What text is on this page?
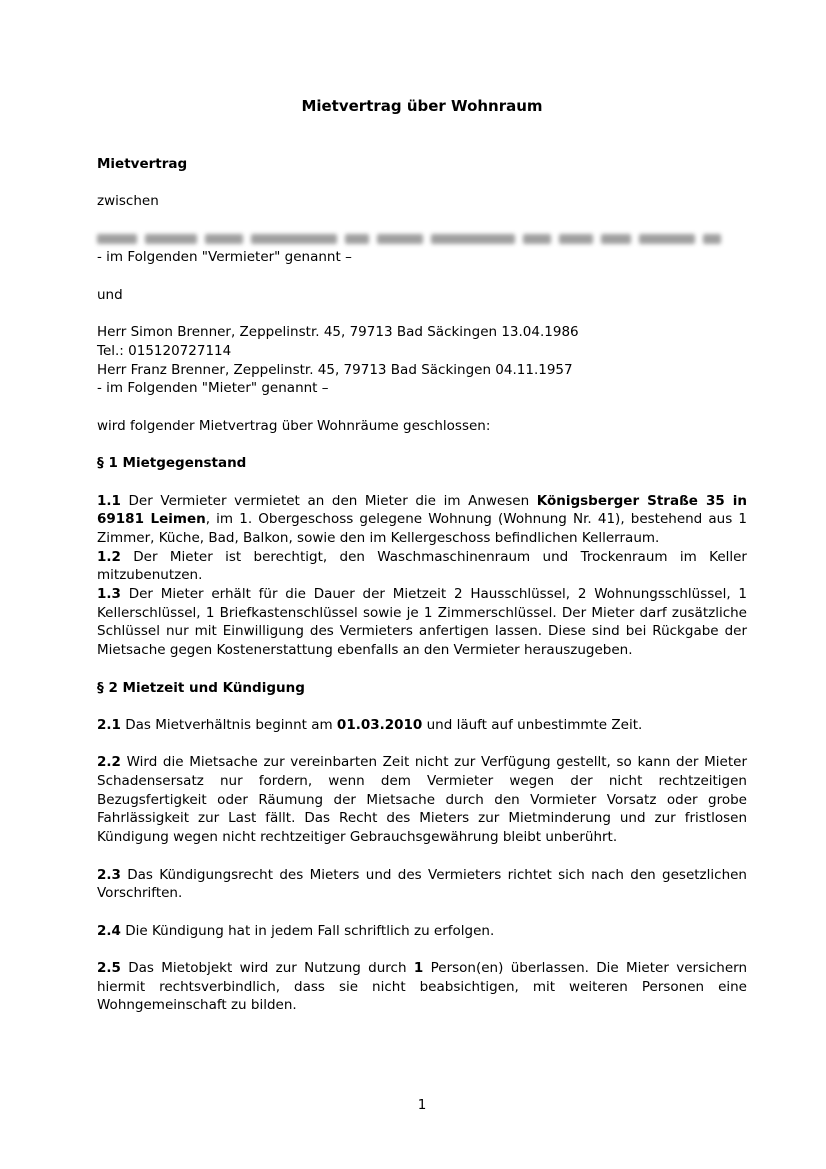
Mietvertrag über Wohnraum

Mietvertrag

zwischen

- im Folgenden "Vermieter" genannt –

und

Herr Simon Brenner, Zeppelinstr. 45, 79713 Bad Säckingen 13.04.1986
Tel.: 015120727114
Herr Franz Brenner, Zeppelinstr. 45, 79713 Bad Säckingen 04.11.1957
- im Folgenden "Mieter" genannt –

wird folgender Mietvertrag über Wohnräume geschlossen:

§ 1 Mietgegenstand

1.1 Der Vermieter vermietet an den Mieter die im Anwesen Königsberger Straße 35 in 69181 Leimen, im 1. Obergeschoss gelegene Wohnung (Wohnung Nr. 41), bestehend aus 1 Zimmer, Küche, Bad, Balkon, sowie den im Kellergeschoss befindlichen Kellerraum.

1.2 Der Mieter ist berechtigt, den Waschmaschinenraum und Trockenraum im Keller mitzubenutzen.

1.3 Der Mieter erhält für die Dauer der Mietzeit 2 Hausschlüssel, 2 Wohnungsschlüssel, 1 Kellerschlüssel, 1 Briefkastenschlüssel sowie je 1 Zimmerschlüssel. Der Mieter darf zusätzliche Schlüssel nur mit Einwilligung des Vermieters anfertigen lassen. Diese sind bei Rückgabe der Mietsache gegen Kostenerstattung ebenfalls an den Vermieter herauszugeben.

§ 2 Mietzeit und Kündigung

2.1 Das Mietverhältnis beginnt am 01.03.2010 und läuft auf unbestimmte Zeit.

2.2 Wird die Mietsache zur vereinbarten Zeit nicht zur Verfügung gestellt, so kann der Mieter Schadensersatz nur fordern, wenn dem Vermieter wegen der nicht rechtzeitigen Bezugsfertigkeit oder Räumung der Mietsache durch den Vormieter Vorsatz oder grobe Fahrlässigkeit zur Last fällt. Das Recht des Mieters zur Mietminderung und zur fristlosen Kündigung wegen nicht rechtzeitiger Gebrauchsgewährung bleibt unberührt.

2.3 Das Kündigungsrecht des Mieters und des Vermieters richtet sich nach den gesetzlichen Vorschriften.

2.4 Die Kündigung hat in jedem Fall schriftlich zu erfolgen.

2.5 Das Mietobjekt wird zur Nutzung durch 1 Person(en) überlassen. Die Mieter versichern hiermit rechtsverbindlich, dass sie nicht beabsichtigen, mit weiteren Personen eine Wohngemeinschaft zu bilden.

1
